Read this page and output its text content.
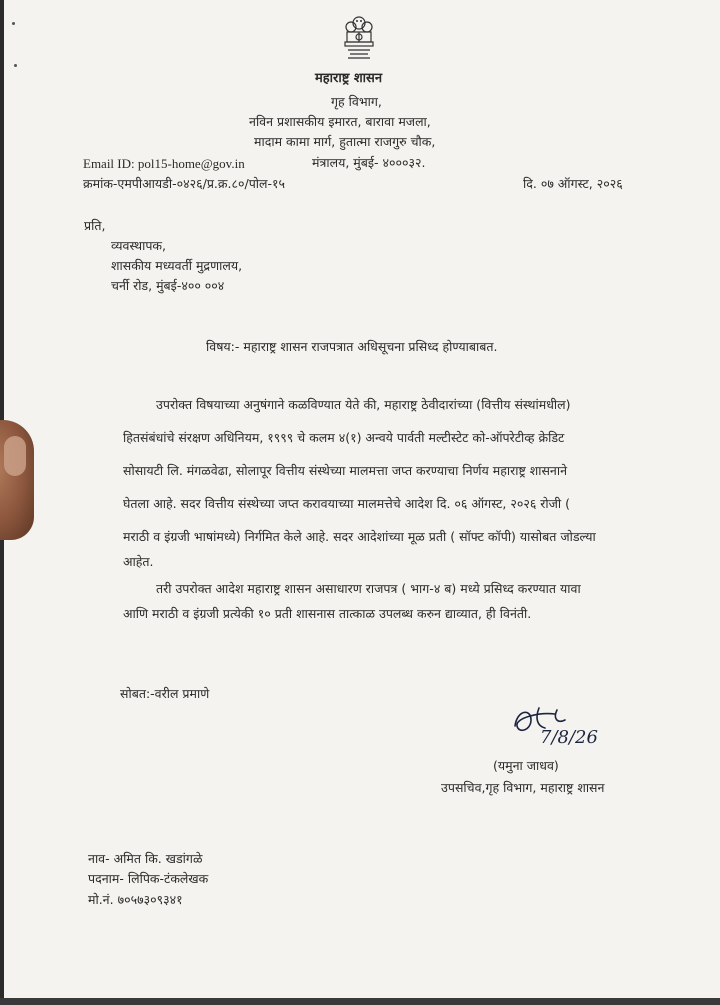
महाराष्ट्र शासन
गृह विभाग,
नविन प्रशासकीय इमारत, बारावा मजला,
मादाम कामा मार्ग, हुतात्मा राजगुरु चौक,
Email ID: pol15-home@gov.in	मंत्रालय, मुंबई- ४०००३२.
क्रमांक-एमपीआयडी-०४२६/प्र.क्र.८०/पोल-१५	दि. ०७ ऑगस्ट, २०२६
प्रति,
व्यवस्थापक,
शासकीय मध्यवर्ती मुद्रणालय,
चर्नी रोड, मुंबई-४०० ००४
विषय:- महाराष्ट्र शासन राजपत्रात अधिसूचना प्रसिध्द होण्याबाबत.
उपरोक्त विषयाच्या अनुषंगाने कळविण्यात येते की, महाराष्ट्र ठेवीदारांच्या (वित्तीय संस्थांमधील)
हितसंबंधांचे संरक्षण अधिनियम, १९९९ चे कलम ४(१) अन्वये पार्वती मल्टीस्टेट को-ऑपरेटीव्ह क्रेडिट
सोसायटी लि. मंगळवेढा, सोलापूर वित्तीय संस्थेच्या मालमत्ता जप्त करण्याचा निर्णय महाराष्ट्र शासनाने
घेतला आहे. सदर वित्तीय संस्थेच्या जप्त करावयाच्या मालमत्तेचे आदेश दि. ०६ ऑगस्ट, २०२६ रोजी (
मराठी व इंग्रजी भाषांमध्ये) निर्गमित केले आहे. सदर आदेशांच्या मूळ प्रती ( सॉफ्ट कॉपी) यासोबत जोडल्या
आहेत.
तरी उपरोक्त आदेश महाराष्ट्र शासन असाधारण राजपत्र ( भाग-४ ब) मध्ये प्रसिध्द करण्यात यावा
आणि मराठी व इंग्रजी प्रत्येकी १० प्रती शासनास तात्काळ उपलब्ध करुन द्याव्यात, ही विनंती.
सोबत:-वरील प्रमाणे
7/8/26
(यमुना जाधव)
उपसचिव,गृह विभाग, महाराष्ट्र शासन
नाव- अमित कि. खडांगळे
पदनाम- लिपिक-टंकलेखक
मो.नं. ७०५७३०९३४१
